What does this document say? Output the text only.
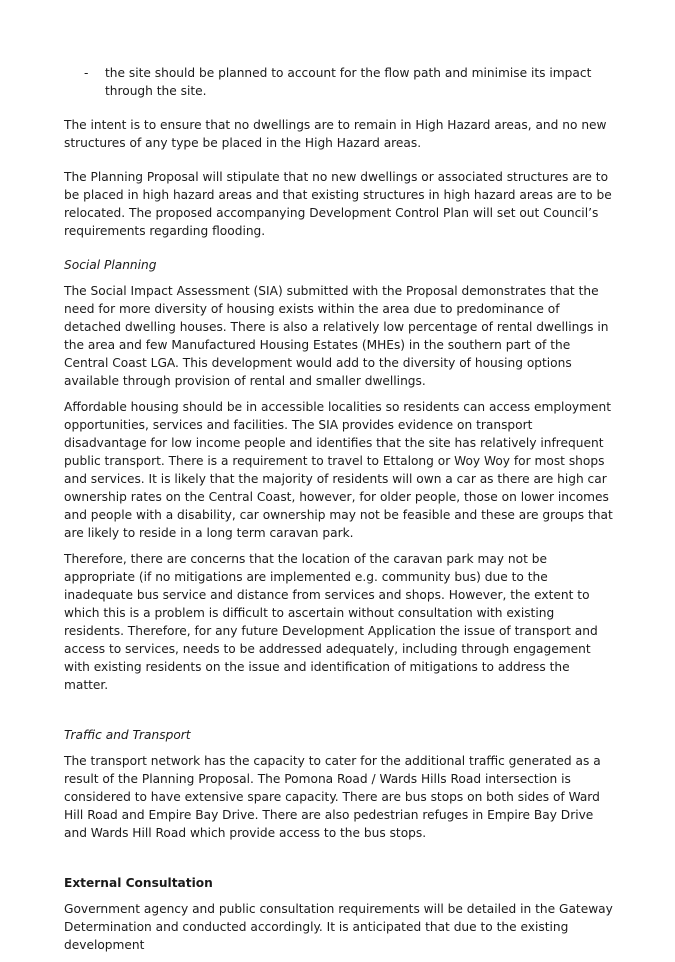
- the site should be planned to account for the flow path and minimise its impact through the site.

The intent is to ensure that no dwellings are to remain in High Hazard areas, and no new structures of any type be placed in the High Hazard areas.

The Planning Proposal will stipulate that no new dwellings or associated structures are to be placed in high hazard areas and that existing structures in high hazard areas are to be relocated. The proposed accompanying Development Control Plan will set out Council’s requirements regarding flooding.

Social Planning

The Social Impact Assessment (SIA) submitted with the Proposal demonstrates that the need for more diversity of housing exists within the area due to predominance of detached dwelling houses. There is also a relatively low percentage of rental dwellings in the area and few Manufactured Housing Estates (MHEs) in the southern part of the Central Coast LGA. This development would add to the diversity of housing options available through provision of rental and smaller dwellings.

Affordable housing should be in accessible localities so residents can access employment opportunities, services and facilities. The SIA provides evidence on transport disadvantage for low income people and identifies that the site has relatively infrequent public transport. There is a requirement to travel to Ettalong or Woy Woy for most shops and services. It is likely that the majority of residents will own a car as there are high car ownership rates on the Central Coast, however, for older people, those on lower incomes and people with a disability, car ownership may not be feasible and these are groups that are likely to reside in a long term caravan park.

Therefore, there are concerns that the location of the caravan park may not be appropriate (if no mitigations are implemented e.g. community bus) due to the inadequate bus service and distance from services and shops. However, the extent to which this is a problem is difficult to ascertain without consultation with existing residents. Therefore, for any future Development Application the issue of transport and access to services, needs to be addressed adequately, including through engagement with existing residents on the issue and identification of mitigations to address the matter.

Traffic and Transport

The transport network has the capacity to cater for the additional traffic generated as a result of the Planning Proposal. The Pomona Road / Wards Hills Road intersection is considered to have extensive spare capacity. There are bus stops on both sides of Ward Hill Road and Empire Bay Drive. There are also pedestrian refuges in Empire Bay Drive and Wards Hill Road which provide access to the bus stops.

External Consultation

Government agency and public consultation requirements will be detailed in the Gateway Determination and conducted accordingly. It is anticipated that due to the existing development
